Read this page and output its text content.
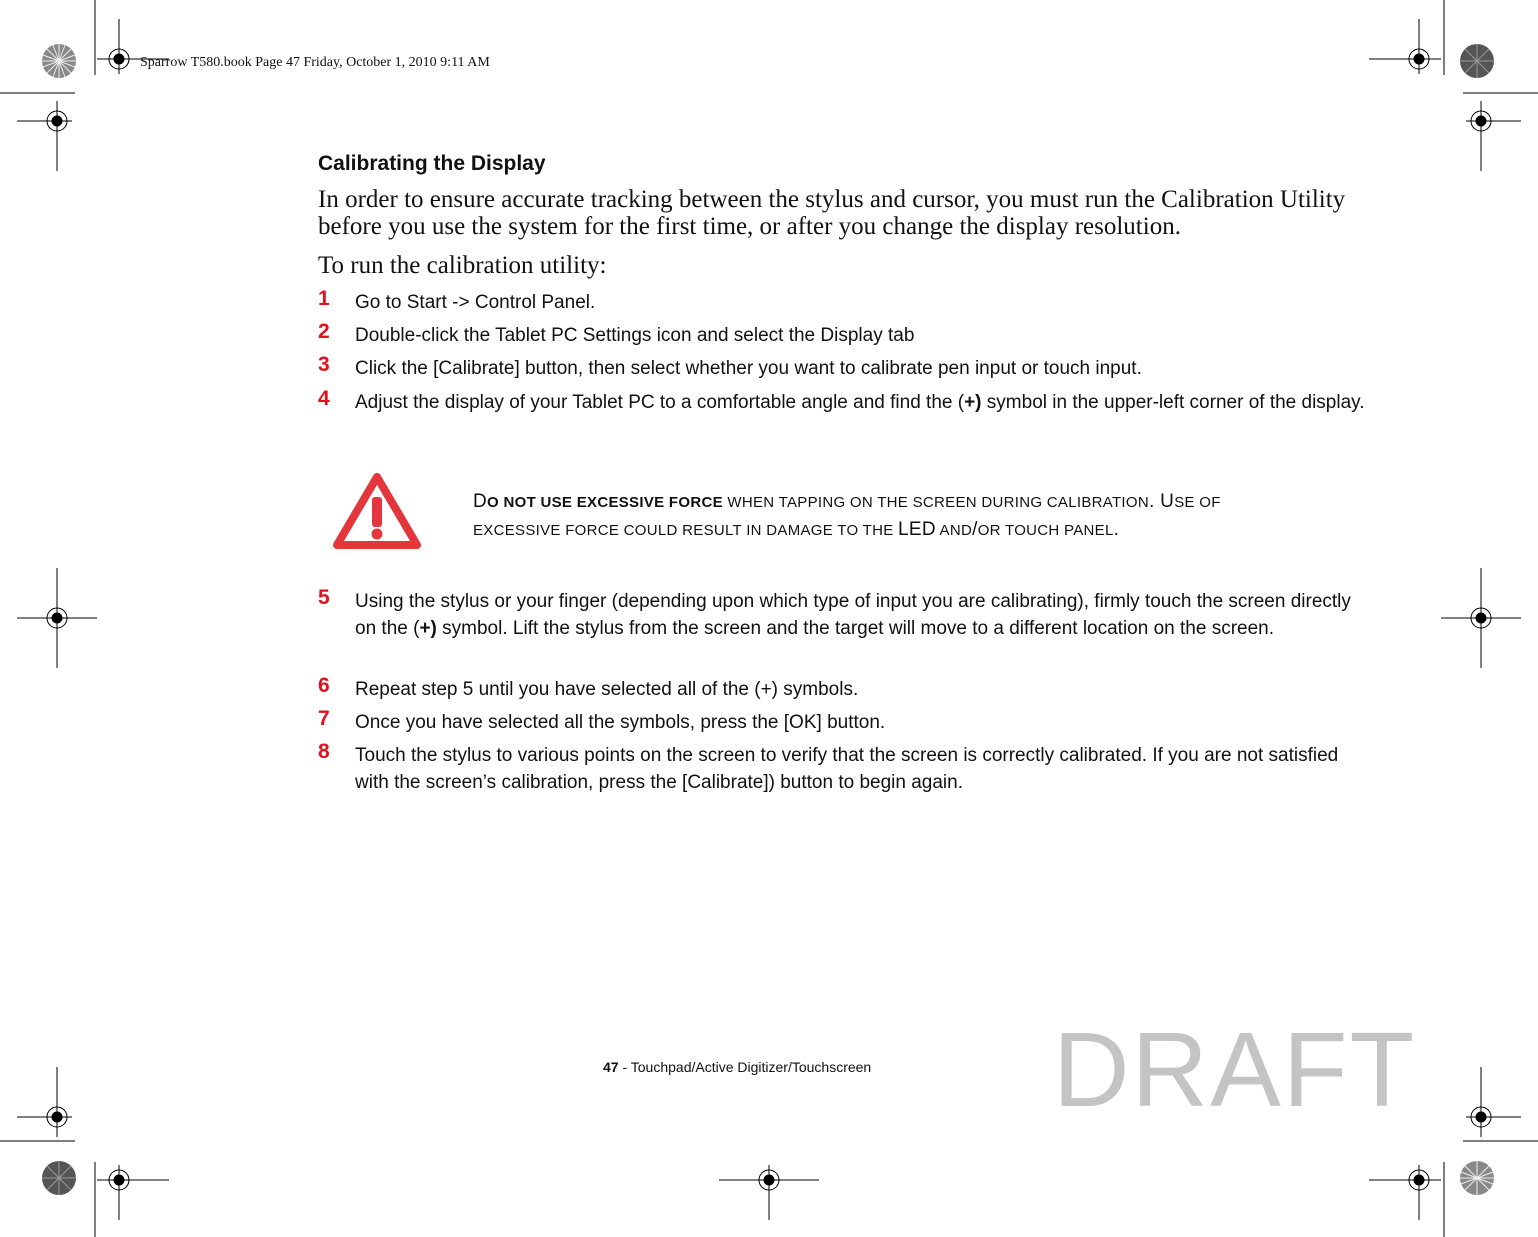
Sparrow T580.book Page 47 Friday, October 1, 2010 9:11 AM
Calibrating the Display
In order to ensure accurate tracking between the stylus and cursor, you must run the Calibration Utility before you use the system for the first time, or after you change the display resolution.
To run the calibration utility:
1 Go to Start -> Control Panel.
2 Double-click the Tablet PC Settings icon and select the Display tab
3 Click the [Calibrate] button, then select whether you want to calibrate pen input or touch input.
4 Adjust the display of your Tablet PC to a comfortable angle and find the (+) symbol in the upper-left corner of the display.
DO NOT USE EXCESSIVE FORCE WHEN TAPPING ON THE SCREEN DURING CALIBRATION. USE OF
EXCESSIVE FORCE COULD RESULT IN DAMAGE TO THE LED AND/OR TOUCH PANEL.
5 Using the stylus or your finger (depending upon which type of input you are calibrating), firmly touch the screen directly on the (+) symbol. Lift the stylus from the screen and the target will move to a different location on the screen.
6 Repeat step 5 until you have selected all of the (+) symbols.
7 Once you have selected all the symbols, press the [OK] button.
8 Touch the stylus to various points on the screen to verify that the screen is correctly calibrated. If you are not satisfied with the screen’s calibration, press the [Calibrate]) button to begin again.
47 - Touchpad/Active Digitizer/Touchscreen DRAFT
